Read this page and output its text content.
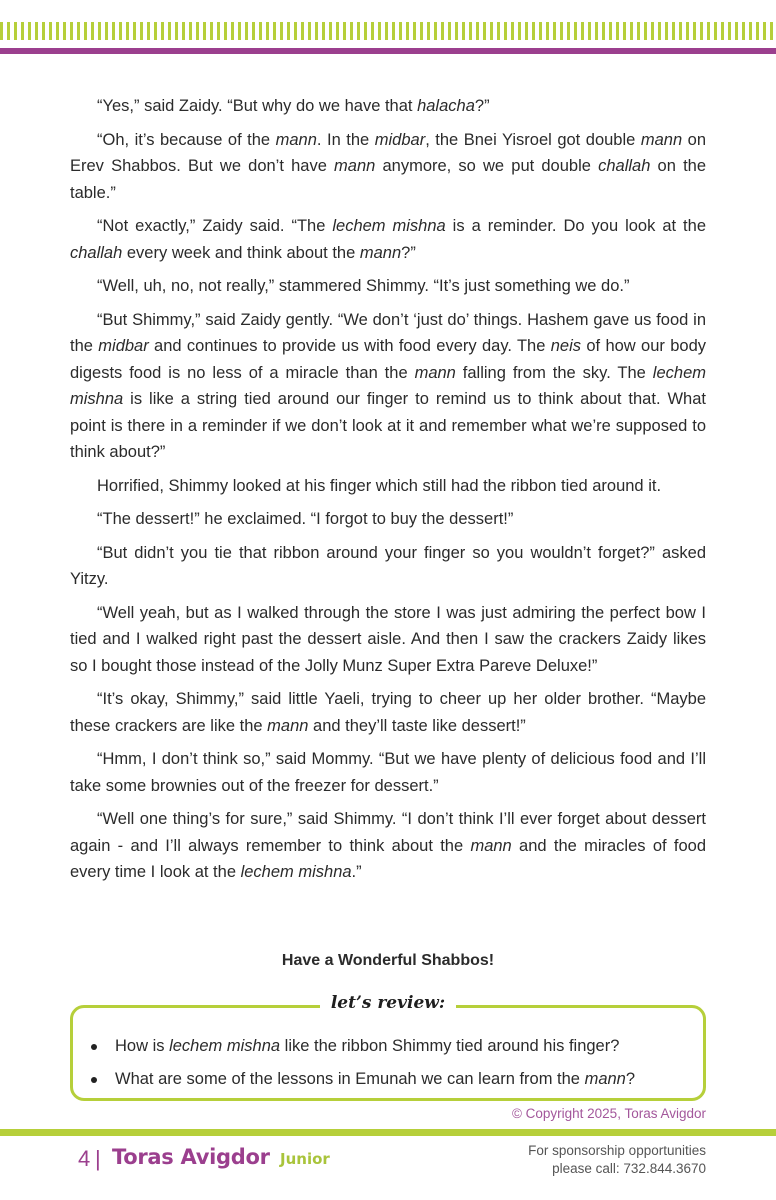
“Yes,” said Zaidy. “But why do we have that halacha?”

“Oh, it’s because of the mann. In the midbar, the Bnei Yisroel got double mann on Erev Shabbos. But we don’t have mann anymore, so we put double challah on the table.”

“Not exactly,” Zaidy said. “The lechem mishna is a reminder. Do you look at the challah every week and think about the mann?”

“Well, uh, no, not really,” stammered Shimmy. “It’s just something we do.”

“But Shimmy,” said Zaidy gently. “We don’t ‘just do’ things. Hashem gave us food in the midbar and continues to provide us with food every day. The neis of how our body digests food is no less of a miracle than the mann falling from the sky. The lechem mishna is like a string tied around our finger to remind us to think about that. What point is there in a reminder if we don’t look at it and remember what we’re supposed to think about?”

Horrified, Shimmy looked at his finger which still had the ribbon tied around it.

“The dessert!” he exclaimed. “I forgot to buy the dessert!”

“But didn’t you tie that ribbon around your finger so you wouldn’t forget?” asked Yitzy.

“Well yeah, but as I walked through the store I was just admiring the perfect bow I tied and I walked right past the dessert aisle. And then I saw the crackers Zaidy likes so I bought those instead of the Jolly Munz Super Extra Pareve Deluxe!”

“It’s okay, Shimmy,” said little Yaeli, trying to cheer up her older brother. “Maybe these crackers are like the mann and they’ll taste like dessert!”

“Hmm, I don’t think so,” said Mommy. “But we have plenty of delicious food and I’ll take some brownies out of the freezer for dessert.”

“Well one thing’s for sure,” said Shimmy. “I don’t think I’ll ever forget about dessert again - and I’ll always remember to think about the mann and the miracles of food every time I look at the lechem mishna.”

Have a Wonderful Shabbos!
let’s review:
How is lechem mishna like the ribbon Shimmy tied around his finger?
What are some of the lessons in Emunah we can learn from the mann?
© Copyright 2025, Toras Avigdor
4 | Toras Avigdor Junior	For sponsorship opportunities
please call: 732.844.3670
